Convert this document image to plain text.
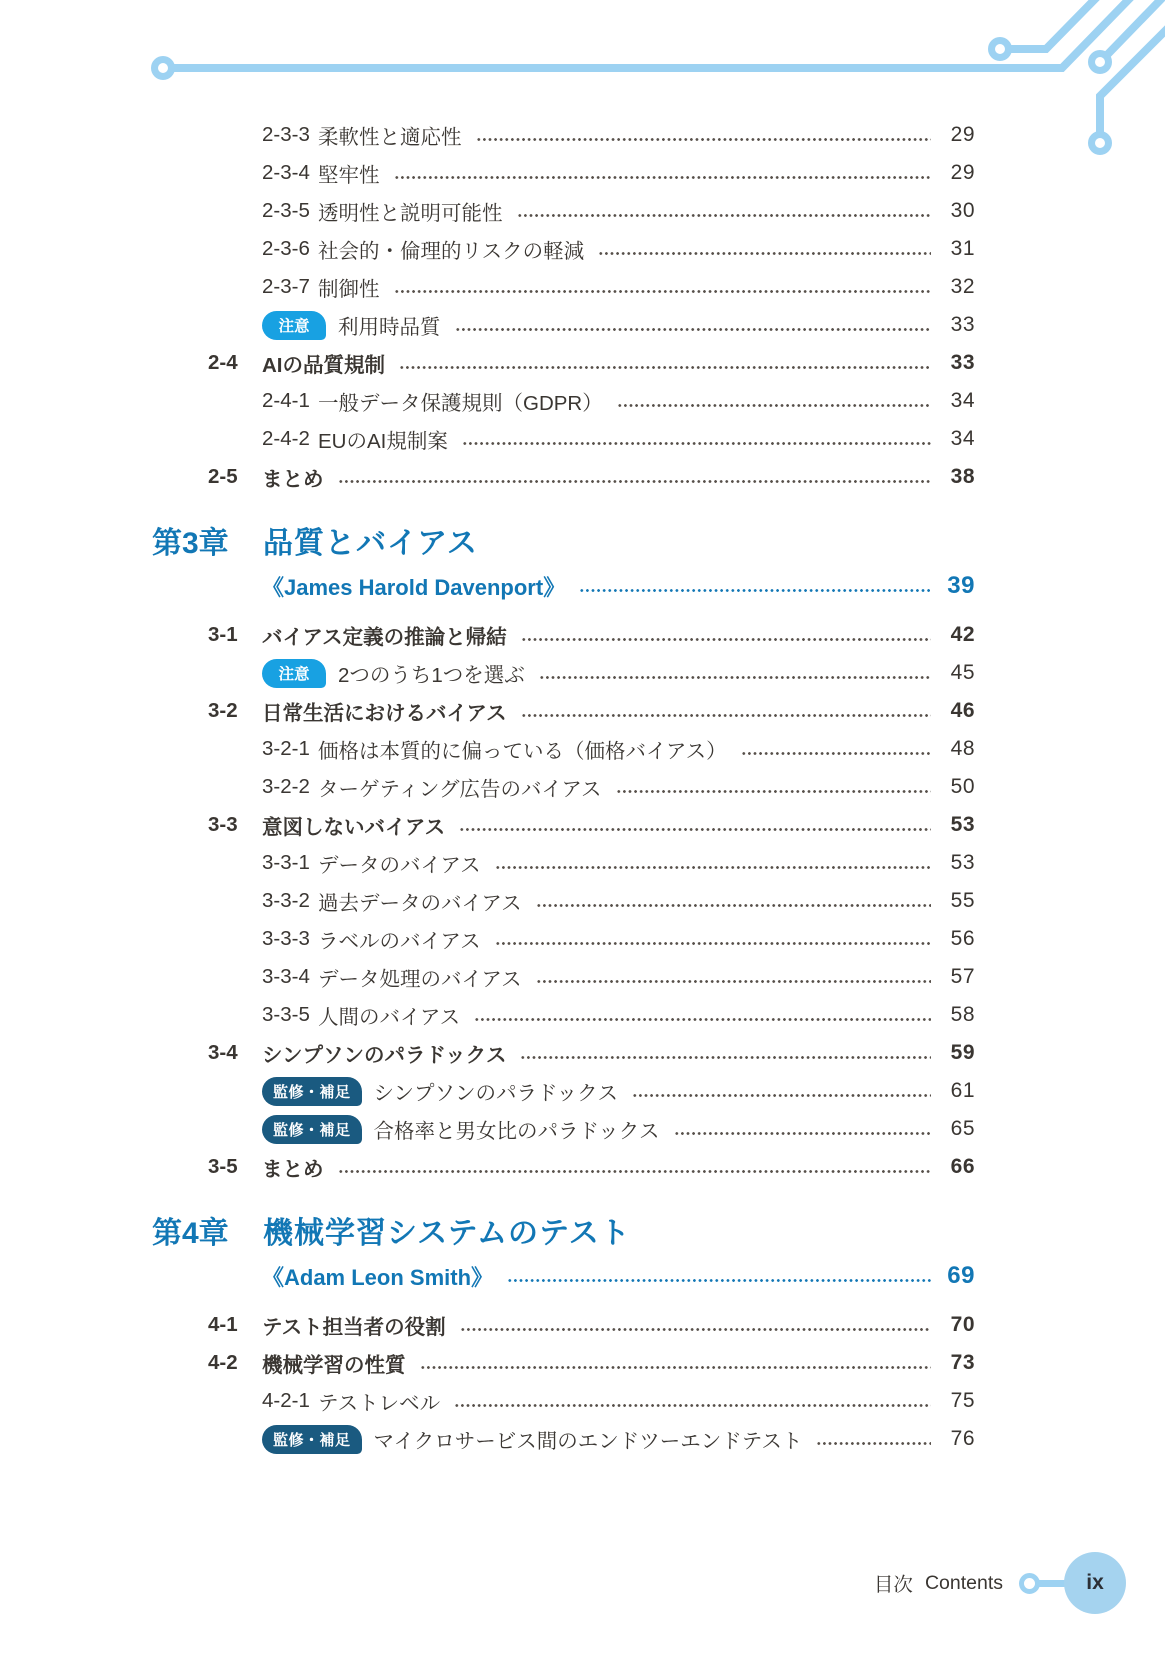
2-3-3 柔軟性と適応性	29
2-3-4 堅牢性	29
2-3-5 透明性と説明可能性	30
2-3-6 社会的・倫理的リスクの軽減	31
2-3-7 制御性	32
注意	利用時品質	33
2-4	AIの品質規制	33
2-4-1 一般データ保護規則（GDPR）	34
2-4-2 EUのAI規制案	34
2-5	まとめ	38
第3章	品質とバイアス
《James Harold Davenport》	39
3-1	バイアス定義の推論と帰結	42
注意	2つのうち1つを選ぶ	45
3-2	日常生活におけるバイアス	46
3-2-1 価格は本質的に偏っている（価格バイアス）	48
3-2-2 ターゲティング広告のバイアス	50
3-3	意図しないバイアス	53
3-3-1 データのバイアス	53
3-3-2 過去データのバイアス	55
3-3-3 ラベルのバイアス	56
3-3-4 データ処理のバイアス	57
3-3-5 人間のバイアス	58
3-4	シンプソンのパラドックス	59
監修・補足	シンプソンのパラドックス	61
監修・補足	合格率と男女比のパラドックス	65
3-5	まとめ	66
第4章	機械学習システムのテスト
《Adam Leon Smith》	69
4-1	テスト担当者の役割	70
4-2	機械学習の性質	73
4-2-1 テストレベル	75
監修・補足	マイクロサービス間のエンドツーエンドテスト	76
目次 Contents	ix
